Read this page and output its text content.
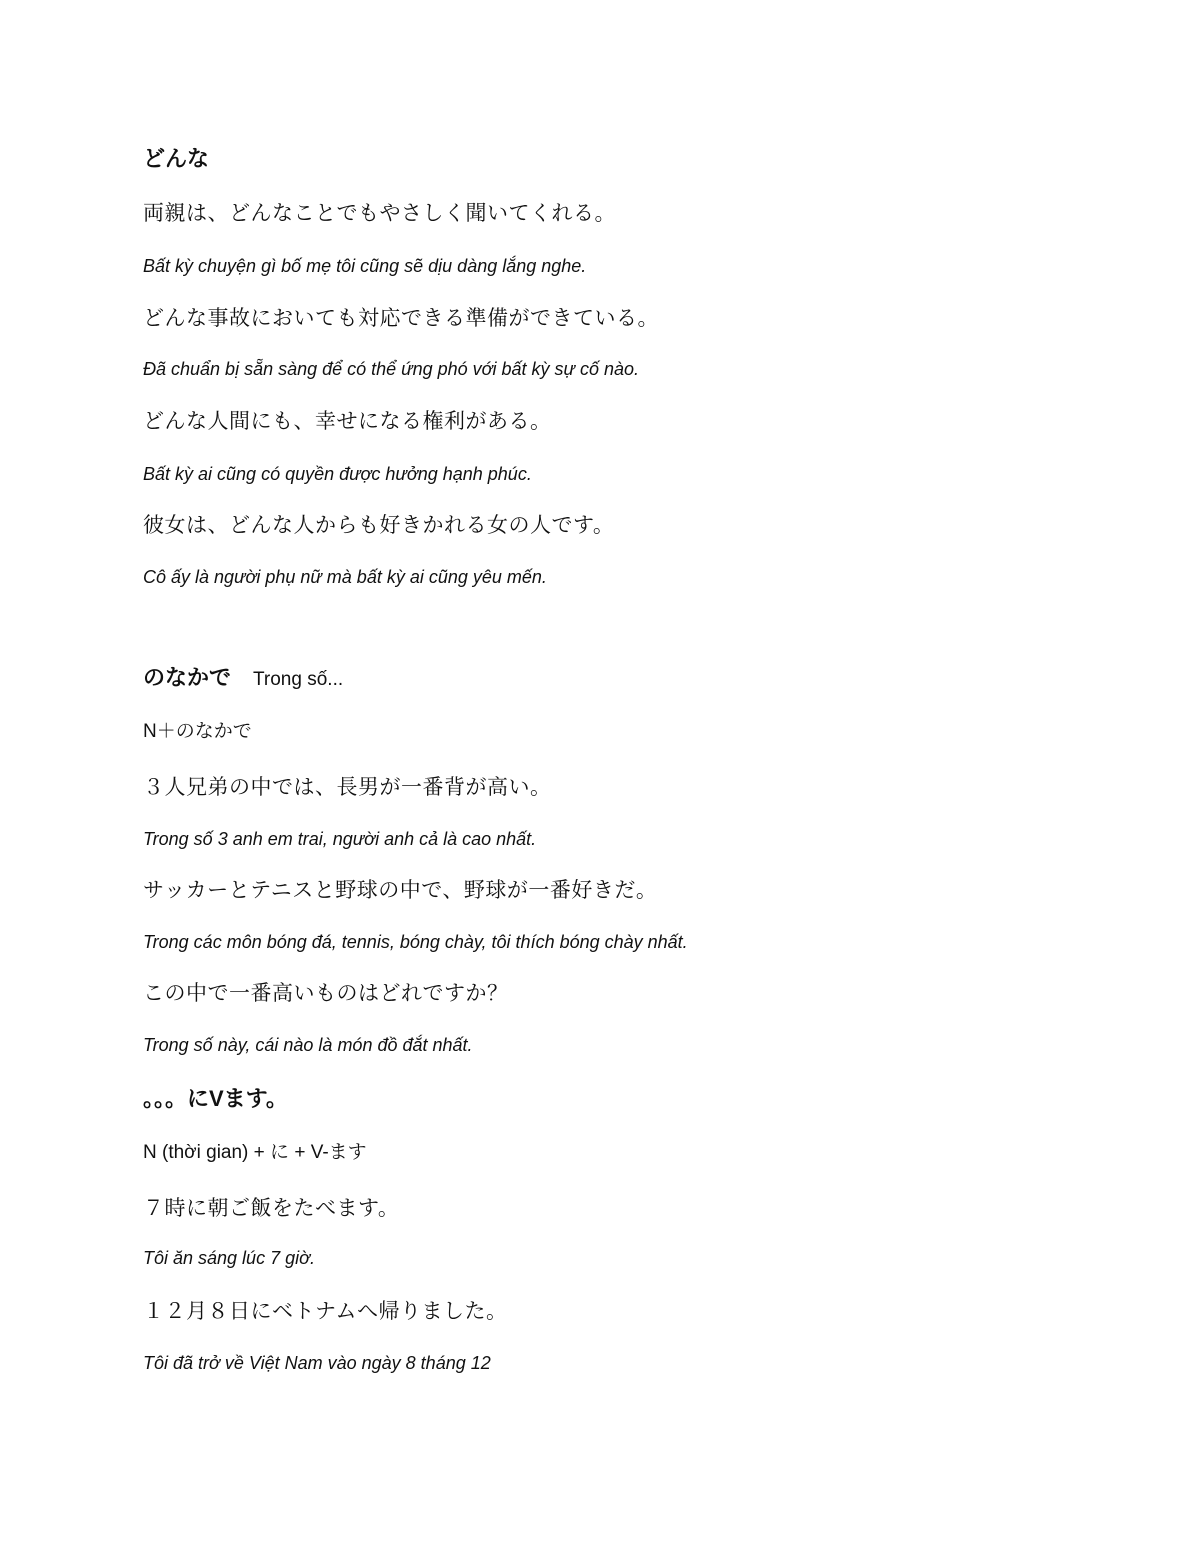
どんな
両親は、どんなことでもやさしく聞いてくれる。
Bất kỳ chuyện gì bố mẹ tôi cũng sẽ dịu dàng lắng nghe.
どんな事故においても対応できる準備ができている。
Đã chuẩn bị sẵn sàng để có thể ứng phó với bất kỳ sự cố nào.
どんな人間にも、幸せになる権利がある。
Bất kỳ ai cũng có quyền được hưởng hạnh phúc.
彼女は、どんな人からも好きかれる女の人です。
Cô ấy là người phụ nữ mà bất kỳ ai cũng yêu mến.
のなかで Trong số...
N＋のなかで
３人兄弟の中では、長男が一番背が高い。
Trong số 3 anh em trai, người anh cả là cao nhất.
サッカーとテニスと野球の中で、野球が一番好きだ。
Trong các môn bóng đá, tennis, bóng chày, tôi thích bóng chày nhất.
この中で一番高いものはどれですか？
Trong số này, cái nào là món đồ đắt nhất.
。。。にVます。
N (thời gian) + に + V-ます
７時に朝ご飯をたべます。
Tôi ăn sáng lúc 7 giờ.
１２月８日にベトナムへ帰りました。
Tôi đã trở về Việt Nam vào ngày 8 tháng 12
